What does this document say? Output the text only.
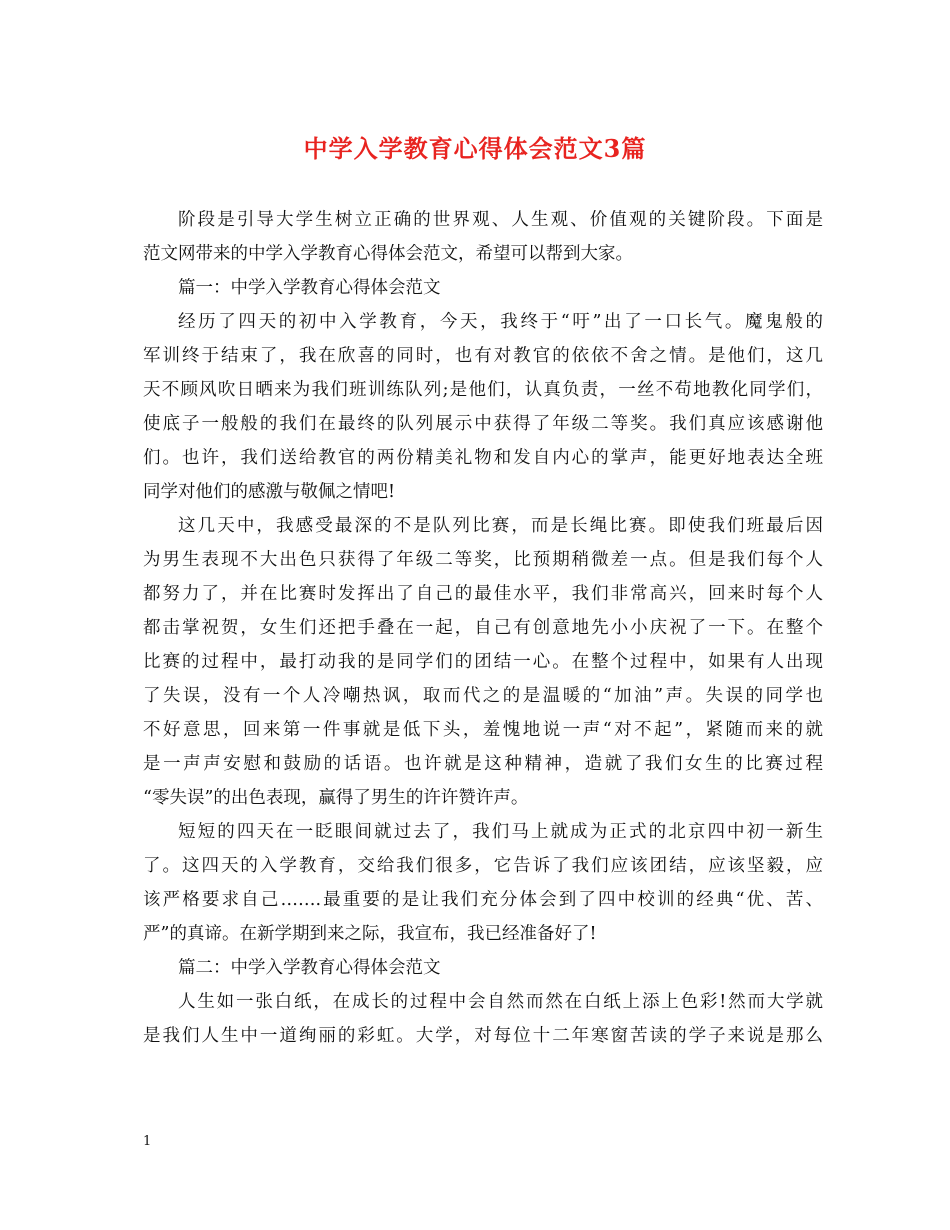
中学入学教育心得体会范文3篇
阶段是引导大学生树立正确的世界观、人生观、价值观的关键阶段。下面是
范文网带来的中学入学教育心得体会范文，希望可以帮到大家。
篇一：中学入学教育心得体会范文
经历了四天的初中入学教育，今天，我终于“吁”出了一口长气。魔鬼般的
军训终于结束了，我在欣喜的同时，也有对教官的依依不舍之情。是他们，这几
天不顾风吹日晒来为我们班训练队列;是他们，认真负责，一丝不苟地教化同学们，
使底子一般般的我们在最终的队列展示中获得了年级二等奖。我们真应该感谢他
们。也许，我们送给教官的两份精美礼物和发自内心的掌声，能更好地表达全班
同学对他们的感激与敬佩之情吧!
这几天中，我感受最深的不是队列比赛，而是长绳比赛。即使我们班最后因
为男生表现不大出色只获得了年级二等奖，比预期稍微差一点。但是我们每个人
都努力了，并在比赛时发挥出了自己的最佳水平，我们非常高兴，回来时每个人
都击掌祝贺，女生们还把手叠在一起，自己有创意地先小小庆祝了一下。在整个
比赛的过程中，最打动我的是同学们的团结一心。在整个过程中，如果有人出现
了失误，没有一个人冷嘲热讽，取而代之的是温暖的“加油”声。失误的同学也
不好意思，回来第一件事就是低下头，羞愧地说一声“对不起”，紧随而来的就
是一声声安慰和鼓励的话语。也许就是这种精神，造就了我们女生的比赛过程
“零失误”的出色表现，赢得了男生的许许赞许声。
短短的四天在一眨眼间就过去了，我们马上就成为正式的北京四中初一新生
了。这四天的入学教育，交给我们很多，它告诉了我们应该团结，应该坚毅，应
该严格要求自己…….最重要的是让我们充分体会到了四中校训的经典“优、苦、
严”的真谛。在新学期到来之际，我宣布，我已经准备好了!
篇二：中学入学教育心得体会范文
人生如一张白纸，在成长的过程中会自然而然在白纸上添上色彩!然而大学就
是我们人生中一道绚丽的彩虹。大学，对每位十二年寒窗苦读的学子来说是那么
1
